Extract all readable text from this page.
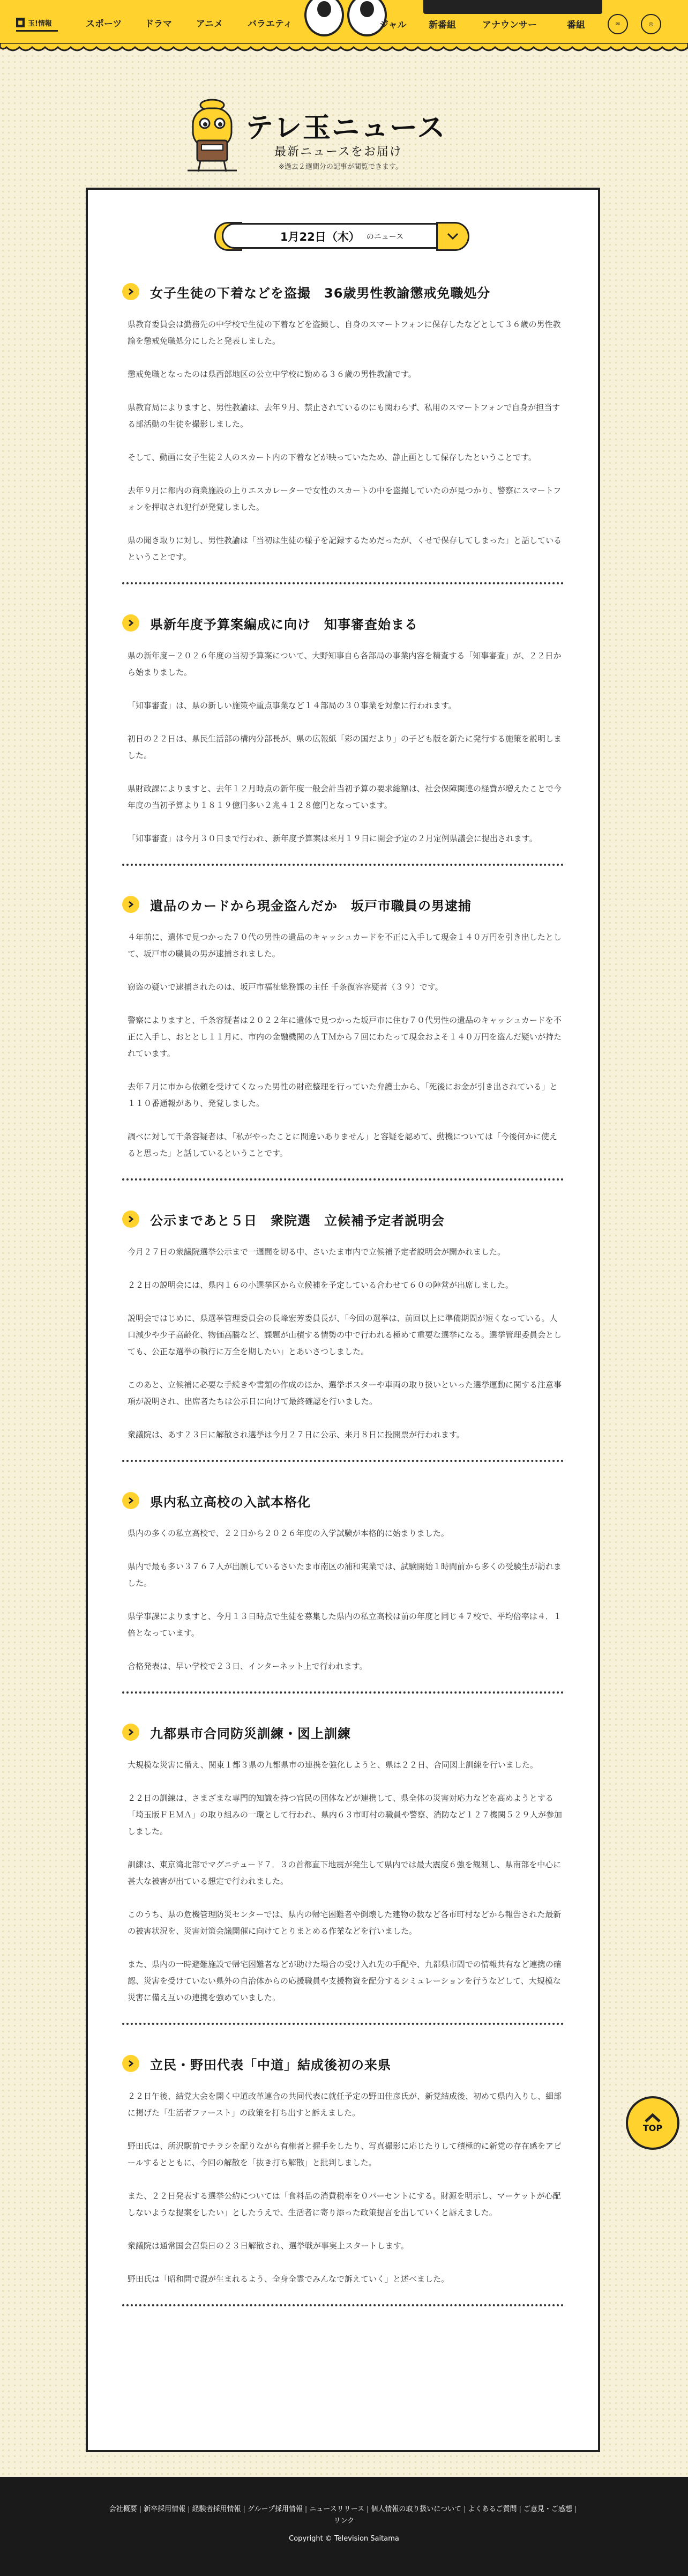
■ 玉!情報	スポーツ	ドラマ	アニメ	バラエティ	ジャル 新番組	アナウンサー	番組	✉	◎
テレ玉ニュース
最新ニュースをお届け
※過去２週間分の記事が閲覧できます。
1月22日（木） のニュース
女子生徒の下着などを盗撮　36歳男性教諭懲戒免職処分

県教育委員会は勤務先の中学校で生徒の下着などを盗撮し、自身のスマートフォンに保存したなどとして３６歳の男性教諭を懲戒免職処分にしたと発表しました。

懲戒免職となったのは県西部地区の公立中学校に勤める３６歳の男性教諭です。

県教育局によりますと、男性教諭は、去年９月、禁止されているのにも関わらず、私用のスマートフォンで自身が担当する部活動の生徒を撮影しました。

そして、動画に女子生徒２人のスカート内の下着などが映っていたため、静止画として保存したということです。

去年９月に都内の商業施設の上りエスカレーターで女性のスカートの中を盗撮していたのが見つかり、警察にスマートフォンを押収され犯行が発覚しました。

県の聞き取りに対し、男性教諭は「当初は生徒の様子を記録するためだったが、くせで保存してしまった」と話しているということです。

県新年度予算案編成に向け　知事審査始まる

県の新年度－２０２６年度の当初予算案について、大野知事自ら各部局の事業内容を精査する「知事審査」が、２２日から始まりました。

「知事審査」は、県の新しい施策や重点事業など１４部局の３０事業を対象に行われます。

初日の２２日は、県民生活部の構内分部長が、県の広報紙「彩の国だより」の子ども版を新たに発行する施策を説明しました。

県財政課によりますと、去年１２月時点の新年度一般会計当初予算の要求総額は、社会保障関連の経費が増えたことで今年度の当初予算より１８１９億円多い２兆４１２８億円となっています。

「知事審査」は今月３０日まで行われ、新年度予算案は来月１９日に開会予定の２月定例県議会に提出されます。

遺品のカードから現金盗んだか　坂戸市職員の男逮捕

４年前に、遺体で見つかった７０代の男性の遺品のキャッシュカードを不正に入手して現金１４０万円を引き出したとして、坂戸市の職員の男が逮捕されました。

窃盗の疑いで逮捕されたのは、坂戸市福祉総務課の主任 千条復容容疑者（３９）です。

警察によりますと、千条容疑者は２０２２年に遺体で見つかった坂戸市に住む７０代男性の遺品のキャッシュカードを不正に入手し、おととし１１月に、市内の金融機関のＡＴＭから７回にわたって現金およそ１４０万円を盗んだ疑いが持たれています。

去年７月に市から依頼を受けてくなった男性の財産整理を行っていた弁護士から、「死後にお金が引き出されている」と１１０番通報があり、発覚しました。

調べに対して千条容疑者は、「私がやったことに間違いありません」と容疑を認めて、動機については「今後何かに使えると思った」と話しているということです。

公示まであと５日　衆院選　立候補予定者説明会

今月２７日の衆議院選挙公示まで一週間を切る中、さいたま市内で立候補予定者説明会が開かれました。

２２日の説明会には、県内１６の小選挙区から立候補を予定している合わせて６０の陣営が出席しました。

説明会ではじめに、県選挙管理委員会の長峰宏芳委員長が、「今回の選挙は、前回以上に準備期間が短くなっている。人口減少や少子高齢化、物価高騰など、課題が山積する情勢の中で行われる極めて重要な選挙になる。選挙管理委員会としても、公正な選挙の執行に万全を期したい」とあいさつしました。

このあと、立候補に必要な手続きや書類の作成のほか、選挙ポスターや車両の取り扱いといった選挙運動に関する注意事項が説明され、出席者たちは公示日に向けて最終確認を行いました。

衆議院は、あす２３日に解散され選挙は今月２７日に公示、来月８日に投開票が行われます。

県内私立高校の入試本格化

県内の多くの私立高校で、２２日から２０２６年度の入学試験が本格的に始まりました。

県内で最も多い３７６７人が出願しているさいたま市南区の浦和実業では、試験開始１時間前から多くの受験生が訪れました。

県学事課によりますと、今月１３日時点で生徒を募集した県内の私立高校は前の年度と同じ４７校で、平均倍率は４．１倍となっています。

合格発表は、早い学校で２３日、インターネット上で行われます。

九都県市合同防災訓練・図上訓練

大規模な災害に備え、関東１都３県の九都県市の連携を強化しようと、県は２２日、合同図上訓練を行いました。

２２日の訓練は、さまざまな専門的知識を持つ官民の団体などが連携して、県全体の災害対応力などを高めようとする「埼玉版ＦＥＭＡ」の取り組みの一環として行われ、県内６３市町村の職員や警察、消防など１２７機関５２９人が参加しました。

訓練は、東京湾北部でマグニチュード７．３の首都直下地震が発生して県内では最大震度６強を観測し、県南部を中心に甚大な被害が出ている想定で行われました。

このうち、県の危機管理防災センターでは、県内の帰宅困難者や倒壊した建物の数など各市町村などから報告された最新の被害状況を、災害対策会議開催に向けてとりまとめる作業などを行いました。

また、県内の一時避難施設で帰宅困難者などが助けた場合の受け入れ先の手配や、九都県市間での情報共有など連携の確認、災害を受けていない県外の自治体からの応援職員や支援物資を配分するシミュレーションを行うなどして、大規模な災害に備え互いの連携を強めていました。

立民・野田代表「中道」結成後初の来県

２２日午後、結党大会を開く中道改革連合の共同代表に就任予定の野田佳彦氏が、新党結成後、初めて県内入りし、細部に掲げた「生活者ファースト」の政策を打ち出すと訴えました。

野田氏は、所沢駅前でチラシを配りながら有権者と握手をしたり、写真撮影に応じたりして積極的に新党の存在感をアピールするとともに、今回の解散を「抜き打ち解散」と批判しました。

また、２２日発表する選挙公約については「食料品の消費税率を０パーセントにする。財源を明示し、マーケットが心配しないような提案をしたい」としたうえで、生活者に寄り添った政策提言を出していくと訴えました。

衆議院は通常国会召集日の２３日解散され、選挙戦が事実上スタートします。

野田氏は「昭和問で混が生まれるよう、全身全霊でみんなで訴えていく」と述べました。

TOP
会社概要 | 新卒採用情報 | 経験者採用情報 | グループ採用情報 | ニュースリリース | 個人情報の取り扱いについて | よくあるご質問 | ご意見・ご感想 |リンク
Copyright © Television Saitama
